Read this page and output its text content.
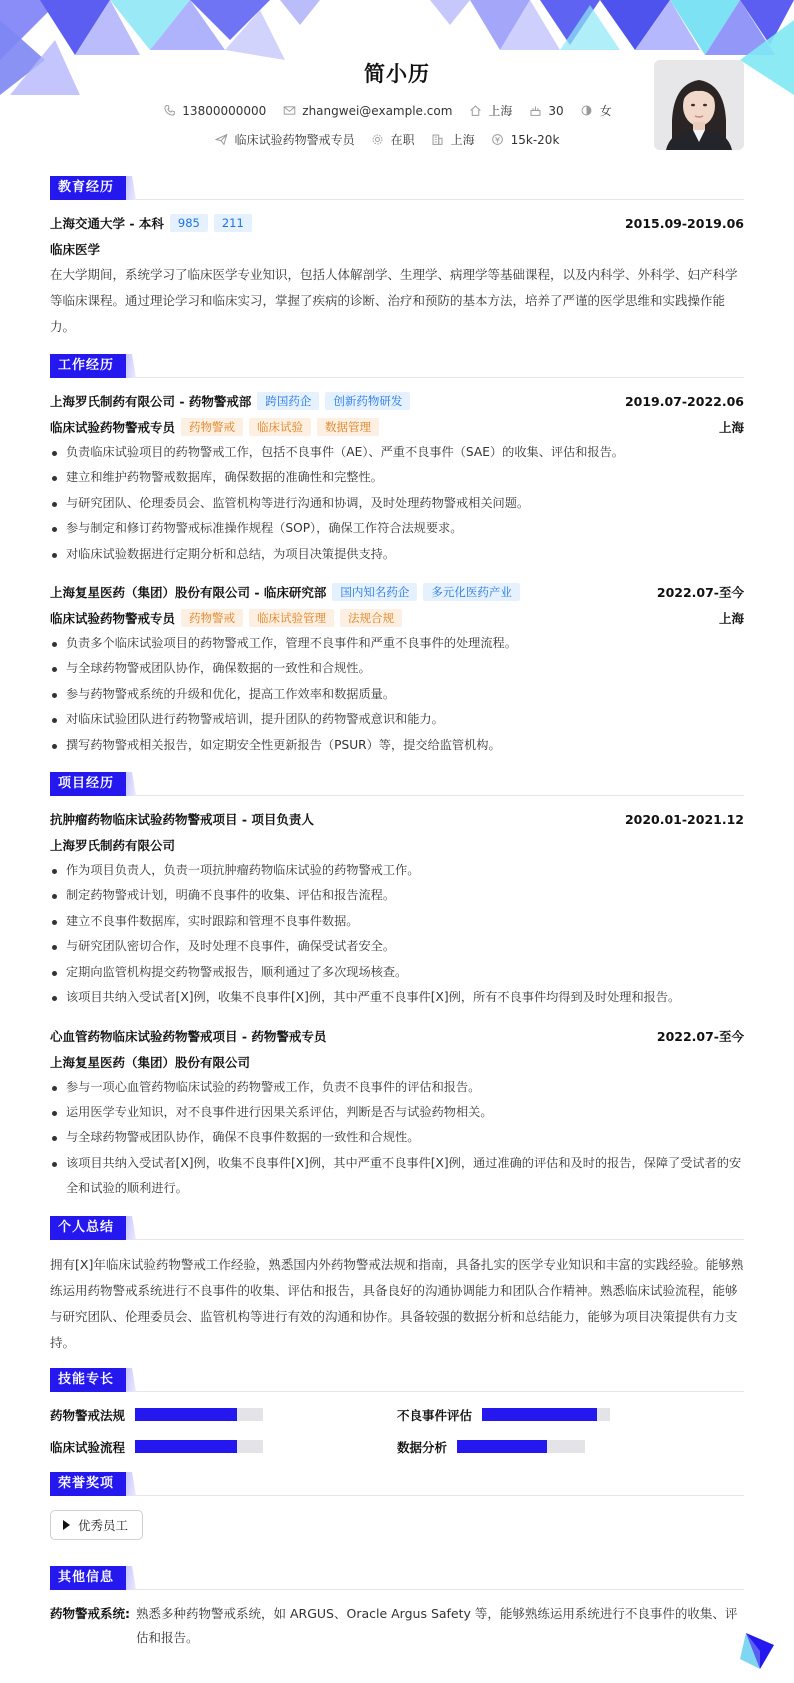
简小历
13800000000	zhangwei@example.com	上海	30	女
临床试验药物警戒专员	在职	上海	15k-20k
教育经历
上海交通大学 - 本科	985	211	2015.09-2019.06
临床医学
在大学期间，系统学习了临床医学专业知识，包括人体解剖学、生理学、病理学等基础课程，以及内科学、外科学、妇产科学等临床课程。通过理论学习和临床实习，掌握了疾病的诊断、治疗和预防的基本方法，培养了严谨的医学思维和实践操作能力。
工作经历
上海罗氏制药有限公司 - 药物警戒部	跨国药企	创新药物研发	2019.07-2022.06
临床试验药物警戒专员	药物警戒	临床试验	数据管理	上海
负责临床试验项目的药物警戒工作，包括不良事件（AE）、严重不良事件（SAE）的收集、评估和报告。
建立和维护药物警戒数据库，确保数据的准确性和完整性。
与研究团队、伦理委员会、监管机构等进行沟通和协调，及时处理药物警戒相关问题。
参与制定和修订药物警戒标准操作规程（SOP），确保工作符合法规要求。
对临床试验数据进行定期分析和总结，为项目决策提供支持。
上海复星医药（集团）股份有限公司 - 临床研究部	国内知名药企	多元化医药产业	2022.07-至今
临床试验药物警戒专员	药物警戒	临床试验管理	法规合规	上海
负责多个临床试验项目的药物警戒工作，管理不良事件和严重不良事件的处理流程。
与全球药物警戒团队协作，确保数据的一致性和合规性。
参与药物警戒系统的升级和优化，提高工作效率和数据质量。
对临床试验团队进行药物警戒培训，提升团队的药物警戒意识和能力。
撰写药物警戒相关报告，如定期安全性更新报告（PSUR）等，提交给监管机构。
项目经历
抗肿瘤药物临床试验药物警戒项目 - 项目负责人	2020.01-2021.12
上海罗氏制药有限公司
作为项目负责人，负责一项抗肿瘤药物临床试验的药物警戒工作。
制定药物警戒计划，明确不良事件的收集、评估和报告流程。
建立不良事件数据库，实时跟踪和管理不良事件数据。
与研究团队密切合作，及时处理不良事件，确保受试者安全。
定期向监管机构提交药物警戒报告，顺利通过了多次现场核查。
该项目共纳入受试者[X]例，收集不良事件[X]例，其中严重不良事件[X]例，所有不良事件均得到及时处理和报告。
心血管药物临床试验药物警戒项目 - 药物警戒专员	2022.07-至今
上海复星医药（集团）股份有限公司
参与一项心血管药物临床试验的药物警戒工作，负责不良事件的评估和报告。
运用医学专业知识，对不良事件进行因果关系评估，判断是否与试验药物相关。
与全球药物警戒团队协作，确保不良事件数据的一致性和合规性。
该项目共纳入受试者[X]例，收集不良事件[X]例，其中严重不良事件[X]例，通过准确的评估和及时的报告，保障了受试者的安全和试验的顺利进行。
个人总结
拥有[X]年临床试验药物警戒工作经验，熟悉国内外药物警戒法规和指南，具备扎实的医学专业知识和丰富的实践经验。能够熟练运用药物警戒系统进行不良事件的收集、评估和报告，具备良好的沟通协调能力和团队合作精神。熟悉临床试验流程，能够与研究团队、伦理委员会、监管机构等进行有效的沟通和协作。具备较强的数据分析和总结能力，能够为项目决策提供有力支持。
技能专长
药物警戒法规	不良事件评估
临床试验流程	数据分析
荣誉奖项
优秀员工
其他信息
药物警戒系统: 熟悉多种药物警戒系统，如 ARGUS、Oracle Argus Safety 等，能够熟练运用系统进行不良事件的收集、评估和报告。
